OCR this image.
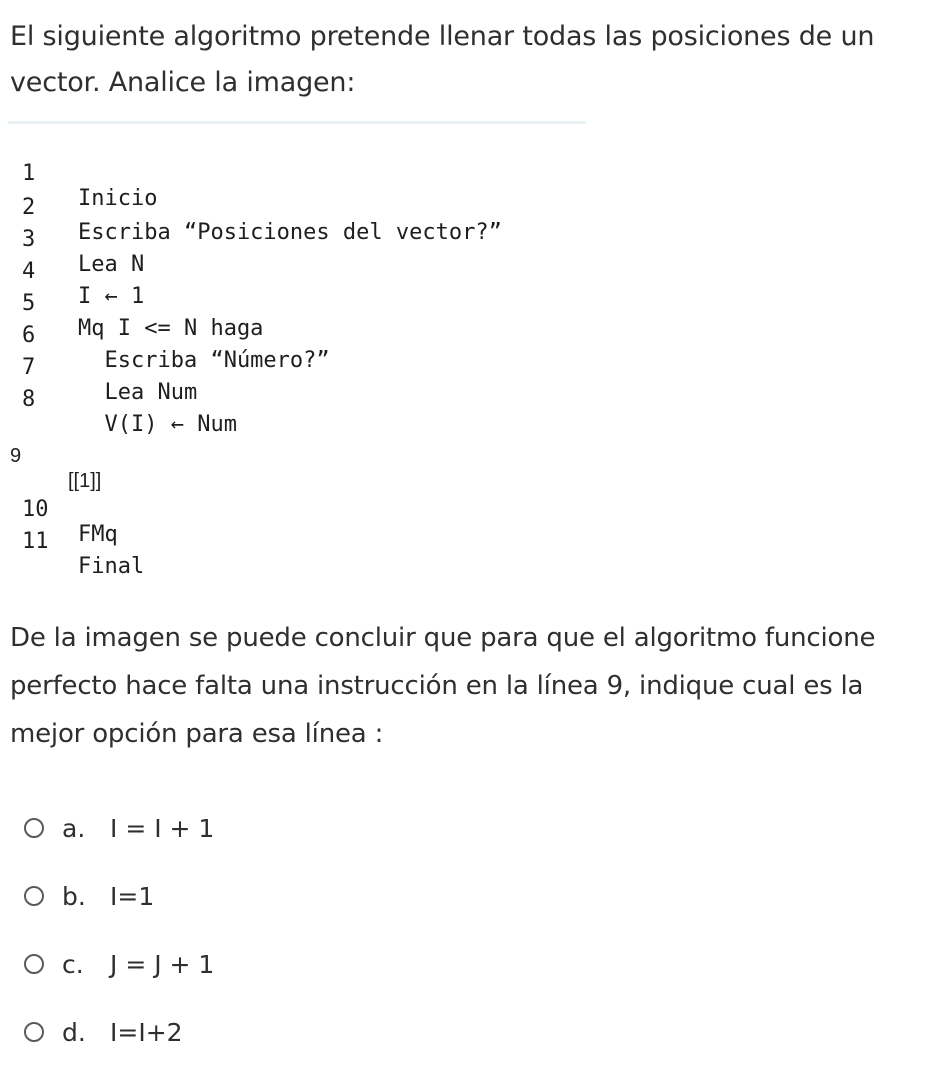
El siguiente algoritmo pretende llenar todas las posiciones de un vector. Analice la imagen:

1

Inicio

2

Escriba “Posiciones del vector?”

3

Lea N

4

I ← 1

5

Mq I <= N haga

6

Escriba “Número?”

7

Lea Num

8

V(I) ← Num

9

[[1]]

10

FMq

11

Final

De la imagen se puede concluir que para que el algoritmo funcione perfecto hace falta una instrucción en la línea 9, indique cual es la mejor opción para esa línea :
a. I = I + 1
b. I=1
c.	J = J + 1
d. I=I+2
